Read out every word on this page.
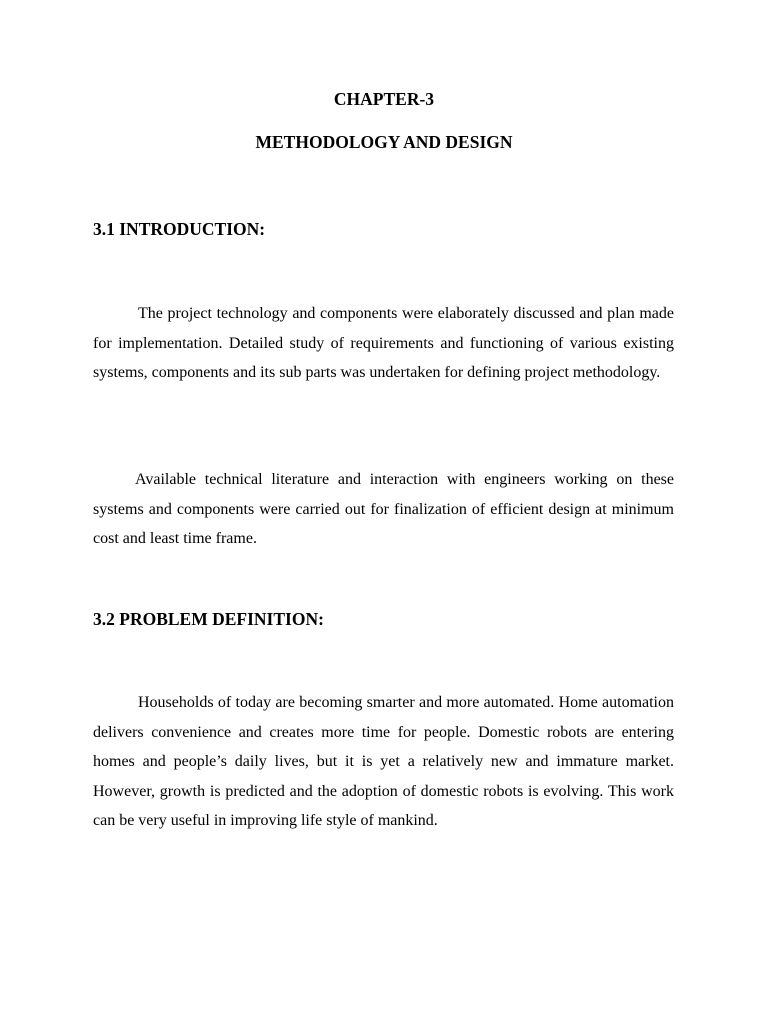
CHAPTER-3
METHODOLOGY AND DESIGN
3.1 INTRODUCTION:

The project technology and components were elaborately discussed and plan made for implementation. Detailed study of requirements and functioning of various existing systems, components and its sub parts was undertaken for defining project methodology.

Available technical literature and interaction with engineers working on these systems and components were carried out for finalization of efficient design at minimum cost and least time frame.

3.2 PROBLEM DEFINITION:

Households of today are becoming smarter and more automated. Home automation delivers convenience and creates more time for people. Domestic robots are entering homes and people’s daily lives, but it is yet a relatively new and immature market. However, growth is predicted and the adoption of domestic robots is evolving. This work can be very useful in improving life style of mankind.
